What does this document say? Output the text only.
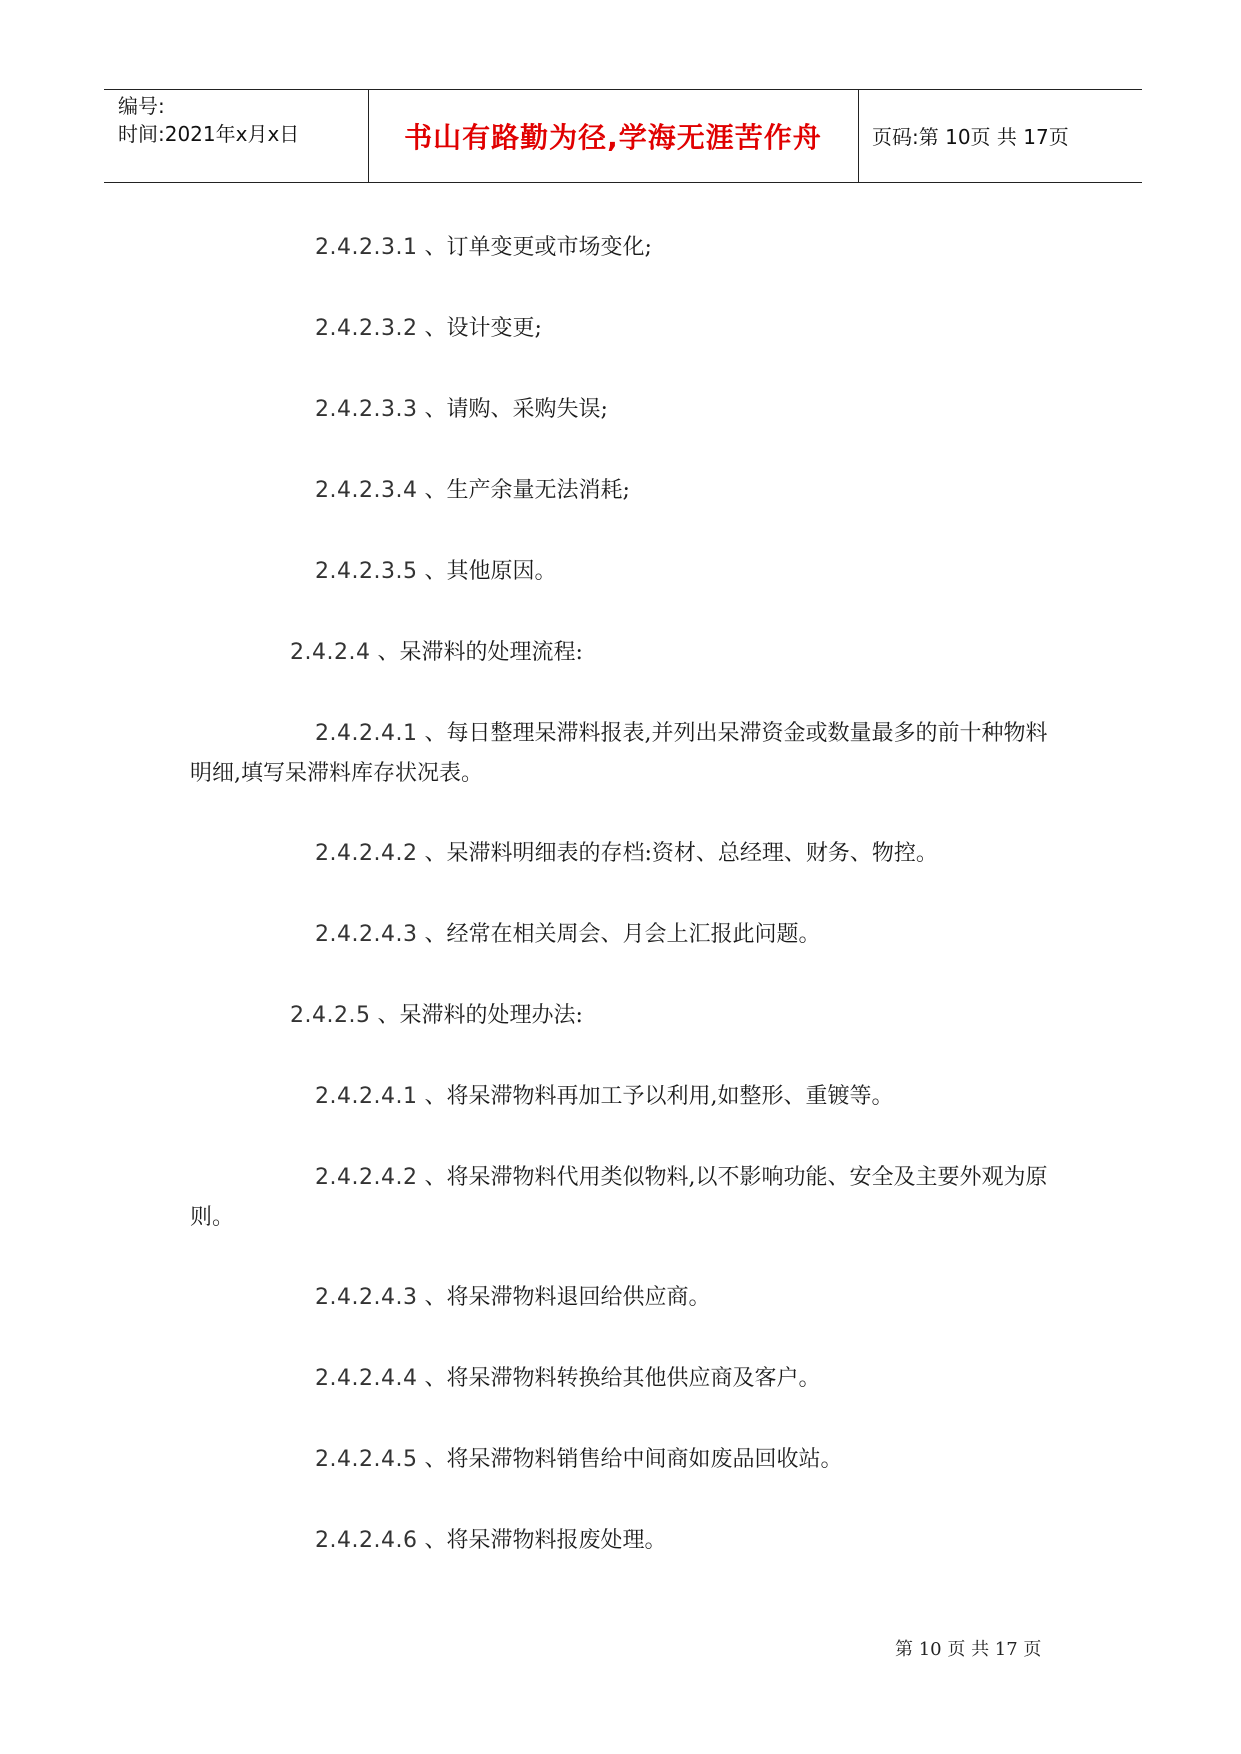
编号:
时间:2021年x月x日	书山有路勤为径,学海无涯苦作舟	页码:第 10页 共 17页

2.4.2.3.1 、订单变更或市场变化;

2.4.2.3.2 、设计变更;

2.4.2.3.3 、请购、采购失误;

2.4.2.3.4 、生产余量无法消耗;

2.4.2.3.5 、其他原因。

2.4.2.4 、呆滞料的处理流程:

2.4.2.4.1 、每日整理呆滞料报表,并列出呆滞资金或数量最多的前十种物料明细,填写呆滞料库存状况表。

2.4.2.4.2 、呆滞料明细表的存档:资材、总经理、财务、物控。

2.4.2.4.3 、经常在相关周会、月会上汇报此问题。

2.4.2.5 、呆滞料的处理办法:

2.4.2.4.1 、将呆滞物料再加工予以利用,如整形、重镀等。

2.4.2.4.2 、将呆滞物料代用类似物料,以不影响功能、安全及主要外观为原则。

2.4.2.4.3 、将呆滞物料退回给供应商。

2.4.2.4.4 、将呆滞物料转换给其他供应商及客户。

2.4.2.4.5 、将呆滞物料销售给中间商如废品回收站。

2.4.2.4.6 、将呆滞物料报废处理。

第 10 页 共 17 页
